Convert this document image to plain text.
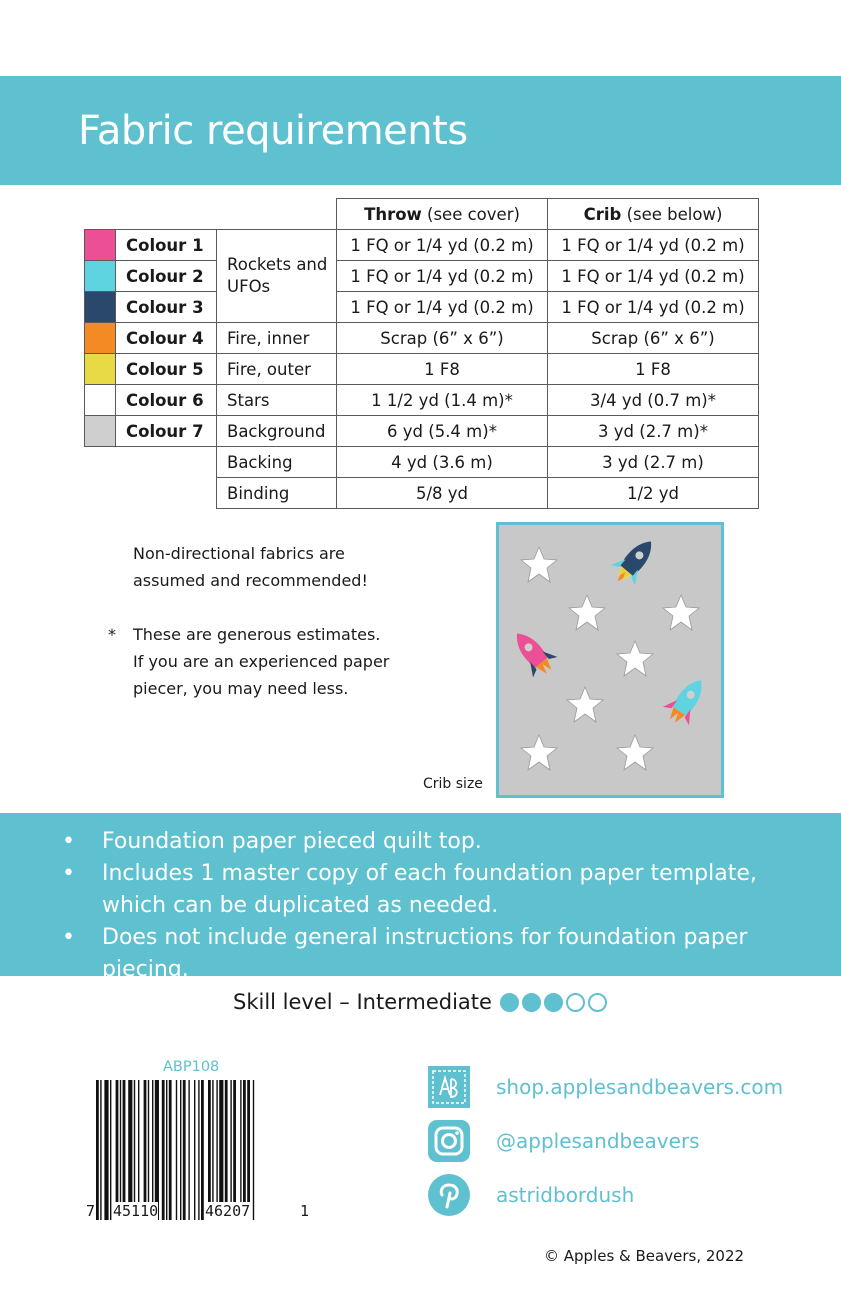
Fabric requirements
			Throw (see cover)	Crib (see below)
	Colour 1	Rockets and UFOs	1 FQ or 1/4 yd (0.2 m)	1 FQ or 1/4 yd (0.2 m)
	Colour 2		1 FQ or 1/4 yd (0.2 m)	1 FQ or 1/4 yd (0.2 m)
	Colour 3		1 FQ or 1/4 yd (0.2 m)	1 FQ or 1/4 yd (0.2 m)
	Colour 4	Fire, inner	Scrap (6” x 6”)	Scrap (6” x 6”)
	Colour 5	Fire, outer	1 F8	1 F8
	Colour 6	Stars	1 1/2 yd (1.4 m)*	3/4 yd (0.7 m)*
	Colour 7	Background	6 yd (5.4 m)*	3 yd (2.7 m)*
		Backing	4 yd (3.6 m)	3 yd (2.7 m)
		Binding	5/8 yd	1/2 yd
Non-directional fabrics are
assumed and recommended!
* These are generous estimates.
If you are an experienced paper
piecer, you may need less.
Crib size
• Foundation paper pieced quilt top.
• Includes 1 master copy of each foundation paper template, which can be duplicated as needed.
• Does not include general instructions for foundation paper piecing.
Skill level – Intermediate
ABP108
7 45110	46207	1
shop.applesandbeavers.com
@applesandbeavers
astridbordush
© Apples & Beavers, 2022
